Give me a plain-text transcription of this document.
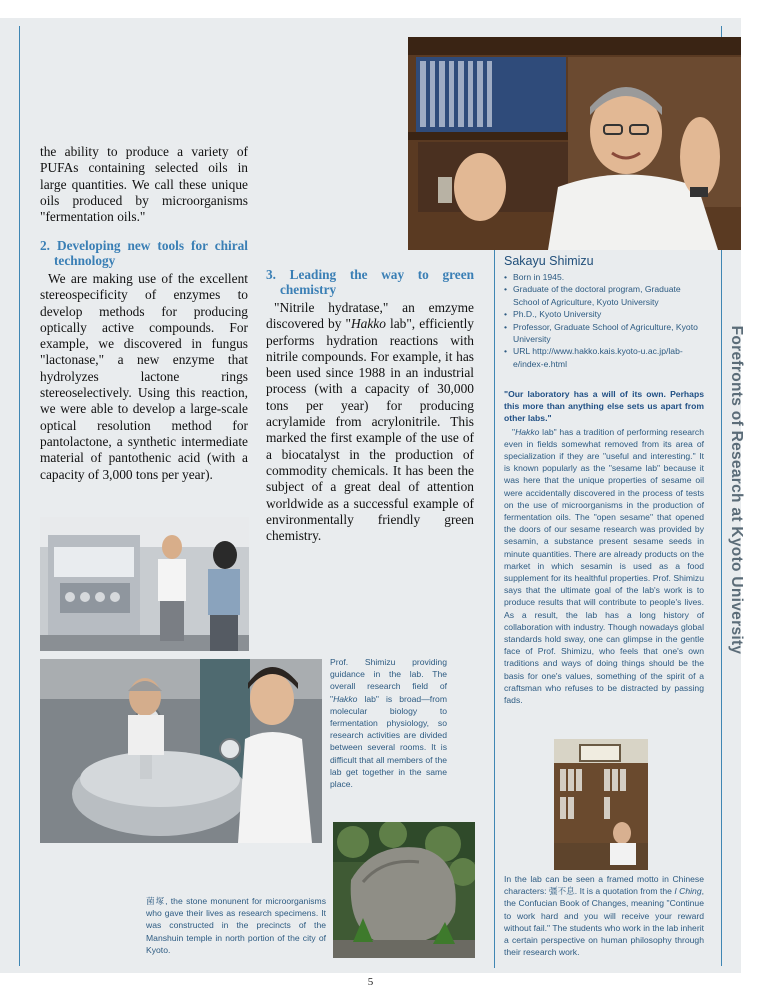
Forefronts of Research at Kyoto University

the ability to produce a variety of PUFAs containing selected oils in large quantities. We call these unique oils produced by microorganisms "fermentation oils."

2. Developing new tools for chiral technology

We are making use of the excellent stereospecificity of enzymes to develop methods for producing optically active compounds. For example, we discovered in fungus "lactonase," a new enzyme that hydrolyzes lactone rings stereoselectively. Using this reaction, we were able to develop a large-scale optical resolution method for pantolactone, a synthetic intermediate material of pantothenic acid (with a capacity of 3,000 tons per year).

3. Leading the way to green chemistry

"Nitrile hydratase," an emzyme discovered by "Hakko lab", efficiently performs hydration reactions with nitrile compounds. For example, it has been used since 1988 in an industrial process (with a capacity of 30,000 tons per year) for producing acrylamide from acrylonitrile. This marked the first example of the use of a biocatalyst in the production of commodity chemicals. It has been the subject of a great deal of attention worldwide as a successful example of environmentally friendly green chemistry.

Sakayu Shimizu
• Born in 1945.
• Graduate of the doctoral program, Graduate School of Agriculture, Kyoto University
• Ph.D., Kyoto University
• Professor, Graduate School of Agriculture, Kyoto University
• URL http://www.hakko.kais.kyoto-u.ac.jp/lab-e/index-e.html

"Our laboratory has a will of its own. Perhaps this more than anything else sets us apart from other labs."

"Hakko lab" has a tradition of performing research even in fields somewhat removed from its area of specialization if they are "useful and interesting." It is known popularly as the "sesame lab" because it was here that the unique properties of sesame oil were accidentally discovered in the process of tests on the use of microorganisms in the production of fermentation oils. The "open sesame" that opened the doors of our sesame research was provided by sesamin, a substance present sesame seeds in minute quantities. There are already products on the market in which sesamin is used as a food supplement for its healthful properties. Prof. Shimizu says that the ultimate goal of the lab's work is to produce results that will contribute to people's lives. As a result, the lab has a long history of collaboration with industry. Though nowadays global standards hold sway, one can glimpse in the gentle face of Prof. Shimizu, who feels that one's own traditions and ways of doing things should be the basis for one's values, something of the spirit of a craftsman who refuses to be distracted by passing fads.

Prof. Shimizu providing guidance in the lab. The overall research field of "Hakko lab" is broad—from molecular biology to fermentation physiology, so research activities are divided between several rooms. It is difficult that all members of the lab get together in the same place.
菌塚, the stone monunent for microorganisms who gave their lives as research specimens. It was constructed in the precincts of the Manshuin temple in north portion of the city of Kyoto.
In the lab can be seen a framed motto in Chinese characters: 彊不息. It is a quotation from the I Ching, the Confucian Book of Changes, meaning "Continue to work hard and you will receive your reward without fail." The students who work in the lab inherit a certain perspective on human philosophy through their research work.
5
